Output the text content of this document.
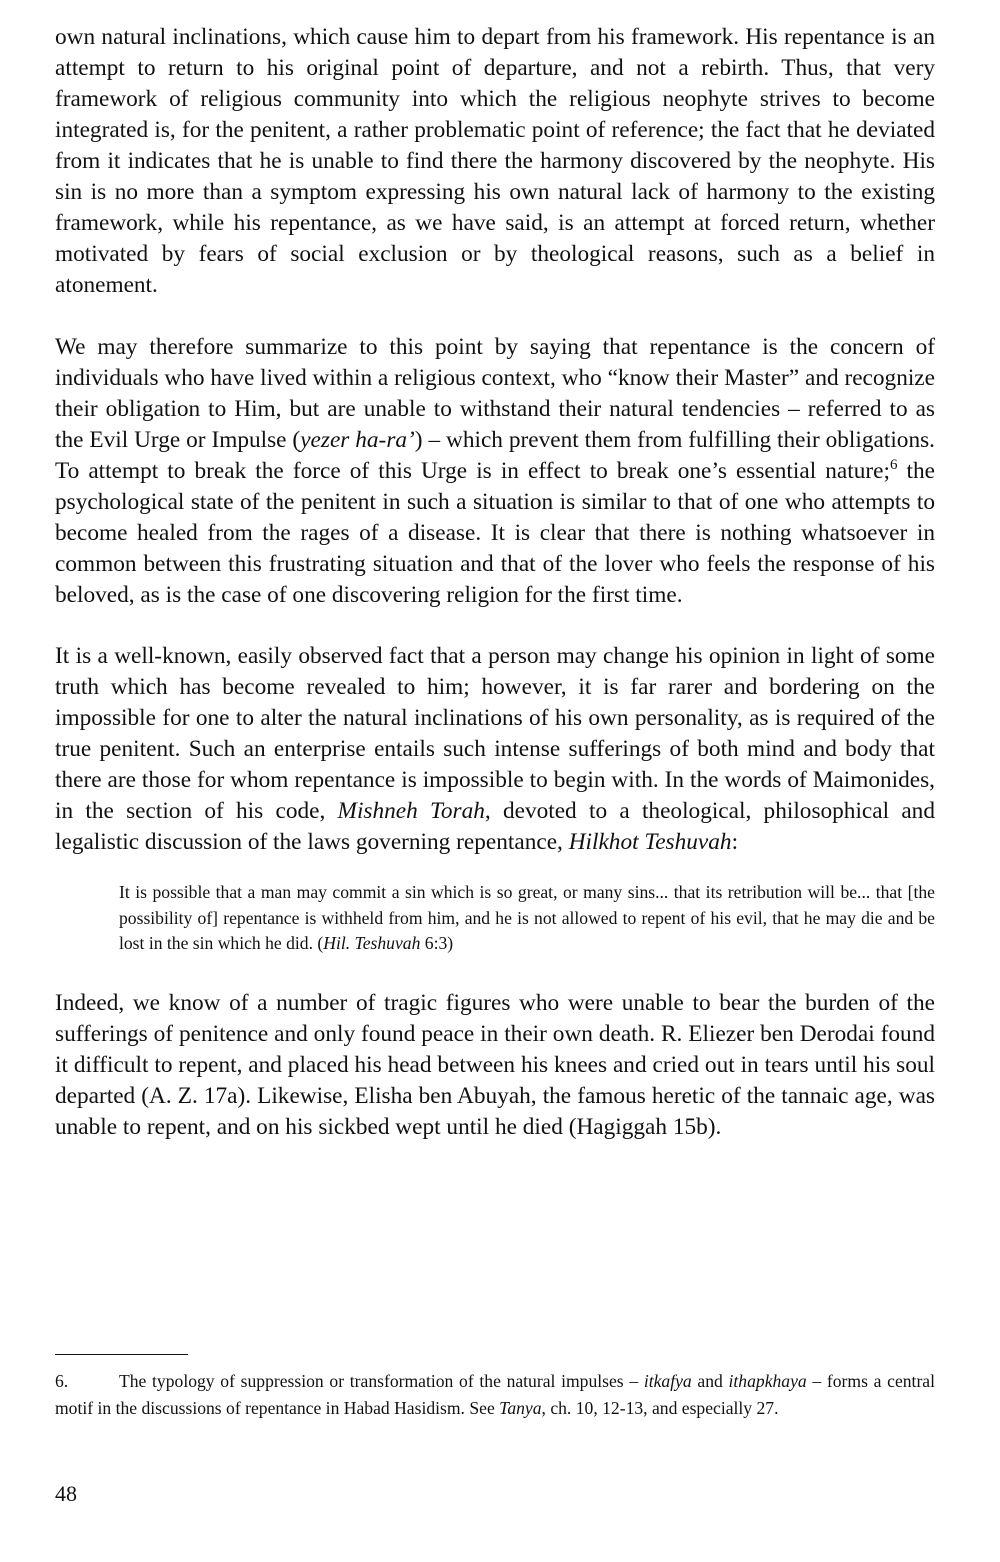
own natural inclinations, which cause him to depart from his framework. His repentance is an attempt to return to his original point of departure, and not a rebirth. Thus, that very framework of religious community into which the religious neophyte strives to become integrated is, for the penitent, a rather problematic point of reference; the fact that he deviated from it indicates that he is unable to find there the harmony discovered by the neophyte. His sin is no more than a symptom expressing his own natural lack of harmony to the existing framework, while his repentance, as we have said, is an attempt at forced return, whether motivated by fears of social exclusion or by theological reasons, such as a belief in atonement.

We may therefore summarize to this point by saying that repentance is the concern of individuals who have lived within a religious context, who “know their Master” and recognize their obligation to Him, but are unable to withstand their natural tendencies – referred to as the Evil Urge or Impulse (yezer ha-ra’) – which prevent them from fulfilling their obligations. To attempt to break the force of this Urge is in effect to break one’s essential nature;$^6$ the psychological state of the penitent in such a situation is similar to that of one who attempts to become healed from the rages of a disease. It is clear that there is nothing whatsoever in common between this frustrating situation and that of the lover who feels the response of his beloved, as is the case of one discovering religion for the first time.

It is a well-known, easily observed fact that a person may change his opinion in light of some truth which has become revealed to him; however, it is far rarer and bordering on the impossible for one to alter the natural inclinations of his own personality, as is required of the true penitent. Such an enterprise entails such intense sufferings of both mind and body that there are those for whom repentance is impossible to begin with. In the words of Maimonides, in the section of his code, Mishneh Torah, devoted to a theological, philosophical and legalistic discussion of the laws governing repentance, Hilkhot Teshuvah:

It is possible that a man may commit a sin which is so great, or many sins... that its retribution will be... that [the possibility of] repentance is withheld from him, and he is not allowed to repent of his evil, that he may die and be lost in the sin which he did. (Hil. Teshuvah 6:3)

Indeed, we know of a number of tragic figures who were unable to bear the burden of the sufferings of penitence and only found peace in their own death. R. Eliezer ben Derodai found it difficult to repent, and placed his head between his knees and cried out in tears until his soul departed (A. Z. 17a). Likewise, Elisha ben Abuyah, the famous heretic of the tannaic age, was unable to repent, and on his sickbed wept until he died (Hagiggah 15b).

6.	The typology of suppression or transformation of the natural impulses – itkafya and ithapkhaya – forms a central motif in the discussions of repentance in Habad Hasidism. See Tanya, ch. 10, 12-13, and especially 27.
48
